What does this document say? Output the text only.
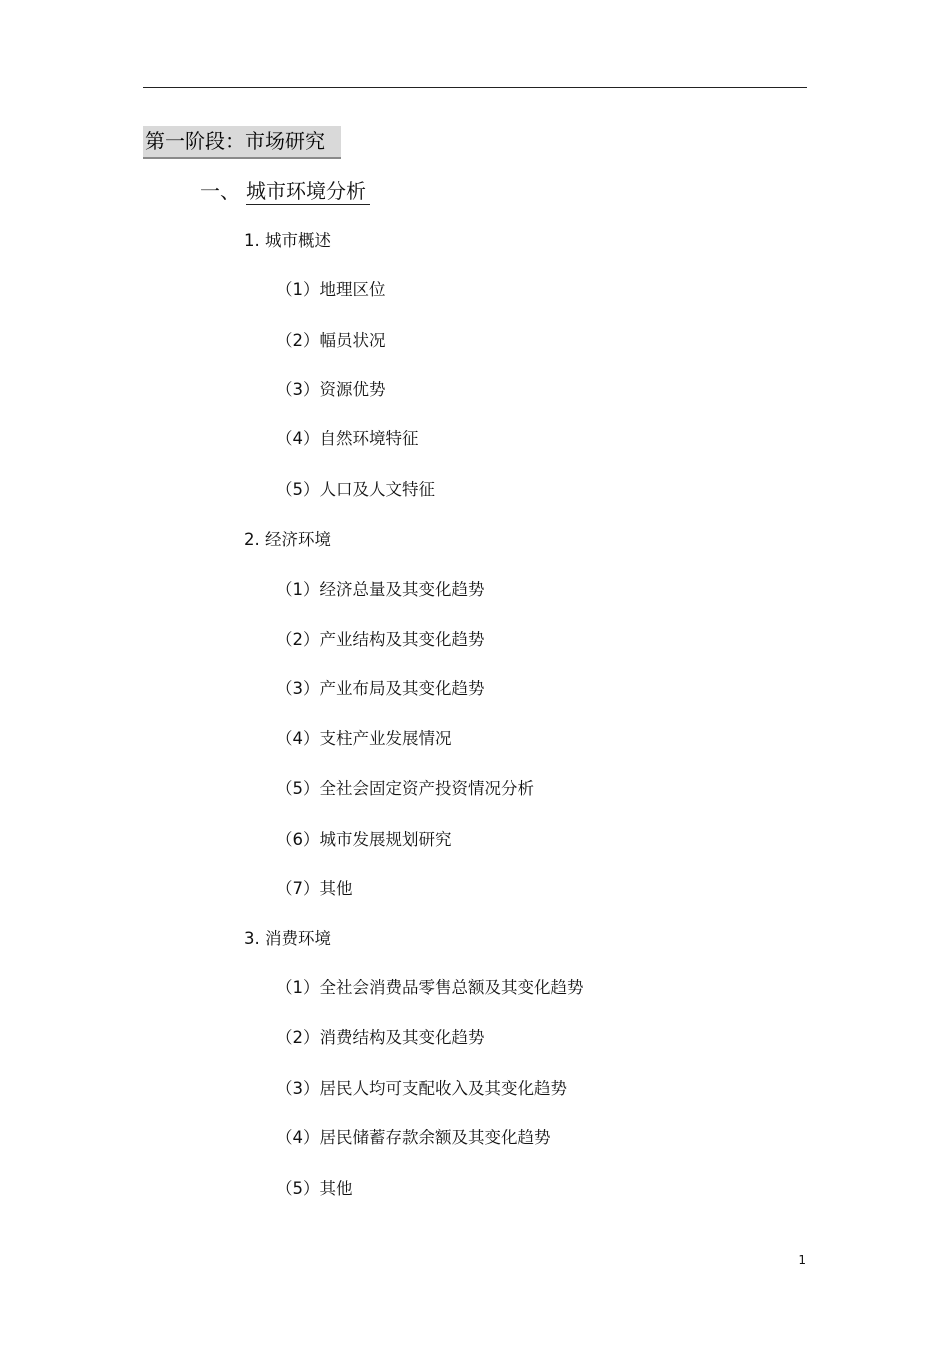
第一阶段：市场研究
一、 城市环境分析
1. 城市概述
（1）地理区位
（2）幅员状况
（3）资源优势
（4）自然环境特征
（5）人口及人文特征
2. 经济环境
（1）经济总量及其变化趋势
（2）产业结构及其变化趋势
（3）产业布局及其变化趋势
（4）支柱产业发展情况
（5）全社会固定资产投资情况分析
（6）城市发展规划研究
（7）其他
3. 消费环境
（1）全社会消费品零售总额及其变化趋势
（2）消费结构及其变化趋势
（3）居民人均可支配收入及其变化趋势
（4）居民储蓄存款余额及其变化趋势
（5）其他
1
